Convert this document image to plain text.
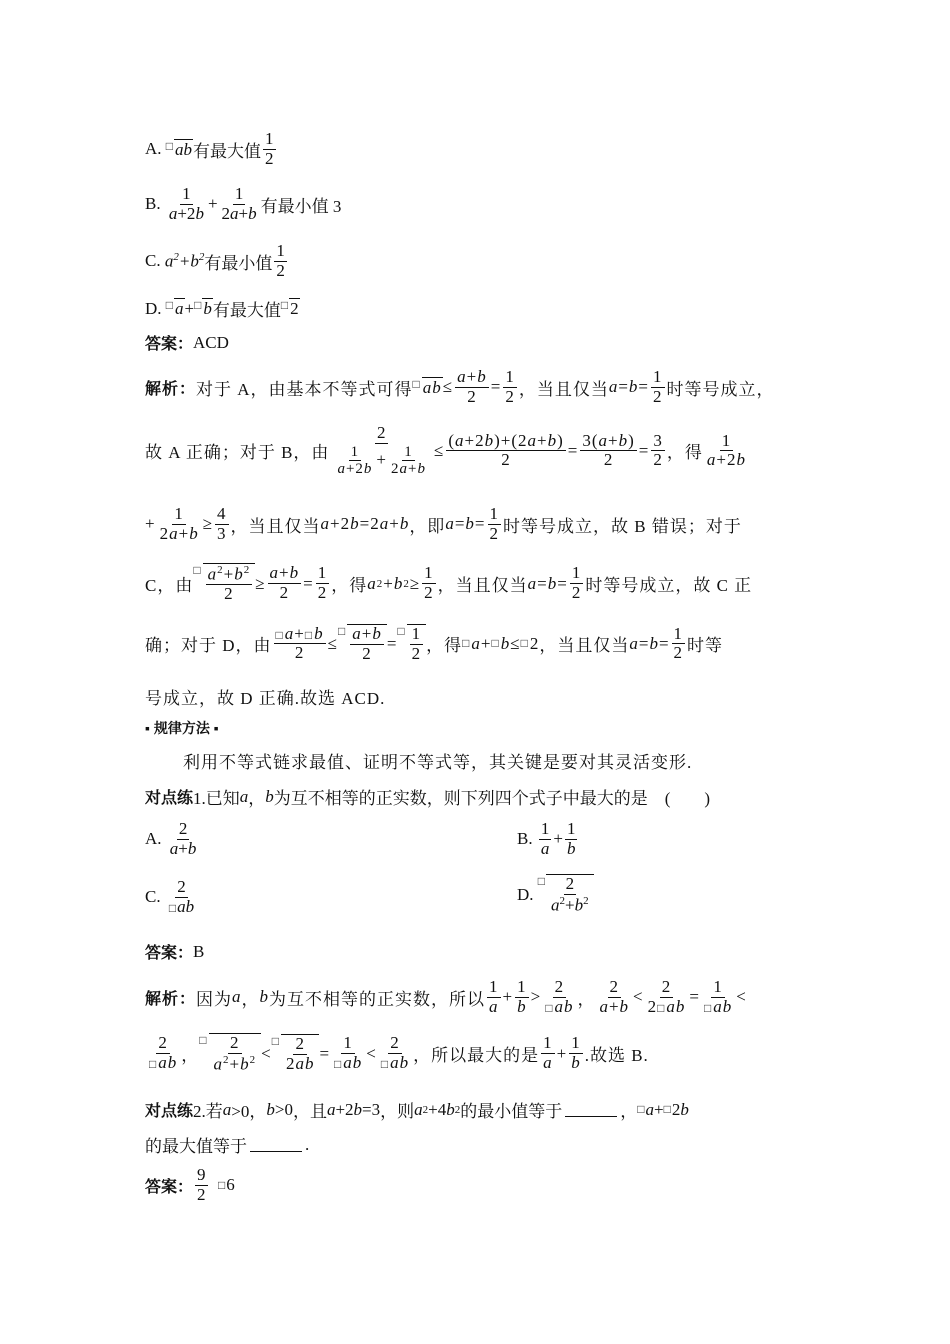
A.
□ ab 有最大值 $\frac{1}{2}$
B.
$\frac{1}{a+2b} + \frac{1}{2a+b}$ 有最小值 3
C.
$a^2+b^2$ 有最小值 $\frac{1}{2}$
D.
□ a + □ b 有最大值 □ 2
答案： ACD
解析： 对于 A，由基本不等式可得 □ ab ≤ $\frac{a+b}{2} = \frac{1}{2}$ ，当且仅当 $a = b = \frac{1}{2}$ 时等号成立，
故 A 正确；对于 B，由 $\frac{2}{\frac{1}{a+2b} + \frac{1}{2a+b}} \le \frac{(a+2b)+(2a+b)}{2} = \frac{3(a+b)}{2} = \frac{3}{2}$ ，得 $\frac{1}{a+2b}$
+ $\frac{1}{2a+b} \ge \frac{4}{3}$ ，当且仅当 a +2 b =2 a + b ，即 $a = b = \frac{1}{2}$ 时等号成立，故 B 错误；对于
C，由
□ $\frac{a^2+b^2}{2} \ge \frac{a+b}{2} = \frac{1}{2}$ ，得 a 2 + b $2 \ge \frac{1}{2}$ ，当且仅当 $a = b = \frac{1}{2}$ 时等号成立，故 C 正
确；对于 D，由 $\frac{□a+□b}{2}$ ≤
□ $\frac{a+b}{2}$ =
□ $\frac{1}{2}$ ，得 □ a + □ b ≤ □ 2 ，当且仅当 $a = b = \frac{1}{2}$ 时等
号成立，故 D 正确.故选 ACD.
▪ 规律方法 ▪
利用不等式链求最值、证明不等式等，其关键是要对其灵活变形.
对点练 1.已知 a ， b 为互不相等的正实数，则下列四个式子中最大的是
(　　)
A.
$\frac{2}{a+b}$	B.
$\frac{1}{a} + \frac{1}{b}$
C.
$\frac{2}{□ab}$	D.

□ $\frac{2}{a^2+b^2}$
答案： B
解析： 因为 a ， b 为互不相等的正实数，所以 $\frac{1}{a} + \frac{1}{b} > \frac{2}{□ab}$ ， $\frac{2}{a+b} < \frac{2}{2□ab} = \frac{1}{□ab}$ <
$\frac{2}{□ab}$ ，
□ $\frac{2}{a^2+b^2}$ <
□ $\frac{2}{2ab} = \frac{1}{□ab} < \frac{2}{□ab}$ ，所以最大的是 $\frac{1}{a} + \frac{1}{b}$ .故选 B.
对点练 2.若 a >0， b >0 ，且 a +2 b =3 ，则 a 2 +4 b 2 的最小值等于	， □ a + □ 2 b
的最大值等于	.
答案： $\frac{9}{2}$
□ 6
